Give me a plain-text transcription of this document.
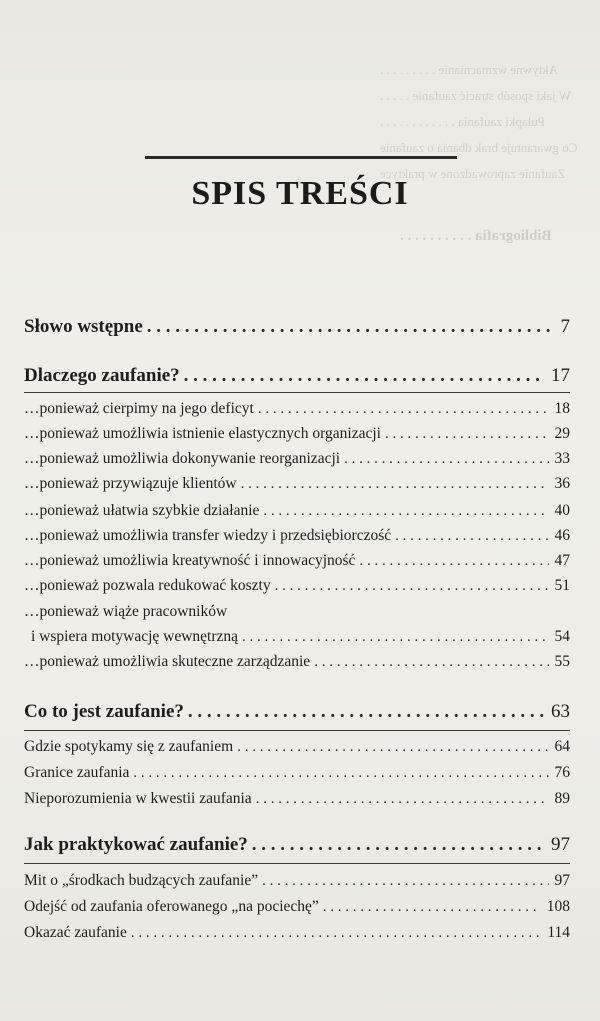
Aktywne wzmacnianie . . . . . . . . .
W jaki sposób stracić zaufanie . . . . .
Pułapki zaufania . . . . . . . . . . . .
Co gwarantuje brak dbania o zaufanie
Zaufanie zaprowadzone w praktyce
Bibliografia . . . . . . . . . .
SPIS TREŚCI
Słowo wstępne . . .	7
Dlaczego zaufanie? . . .	17
…ponieważ cierpimy na jego deficyt . . .	18
…ponieważ umożliwia istnienie elastycznych organizacji . . .	29
…ponieważ umożliwia dokonywanie reorganizacji . . .	33
…ponieważ przywiązuje klientów . . .	36
…ponieważ ułatwia szybkie działanie . . .	40
…ponieważ umożliwia transfer wiedzy i przedsiębiorczość . . .	46
…ponieważ umożliwia kreatywność i innowacyjność . . .	47
…ponieważ pozwala redukować koszty . . .	51
…ponieważ wiąże pracowników
i wspiera motywację wewnętrzną . . .	54
…ponieważ umożliwia skuteczne zarządzanie . . .	55
Co to jest zaufanie? . . .	63
Gdzie spotykamy się z zaufaniem . . .	64
Granice zaufania . . .	76
Nieporozumienia w kwestii zaufania . . .	89
Jak praktykować zaufanie? . . .	97
Mit o „środkach budzących zaufanie” . . .	97
Odejść od zaufania oferowanego „na pociechę” . . .	108
Okazać zaufanie . . .	114
